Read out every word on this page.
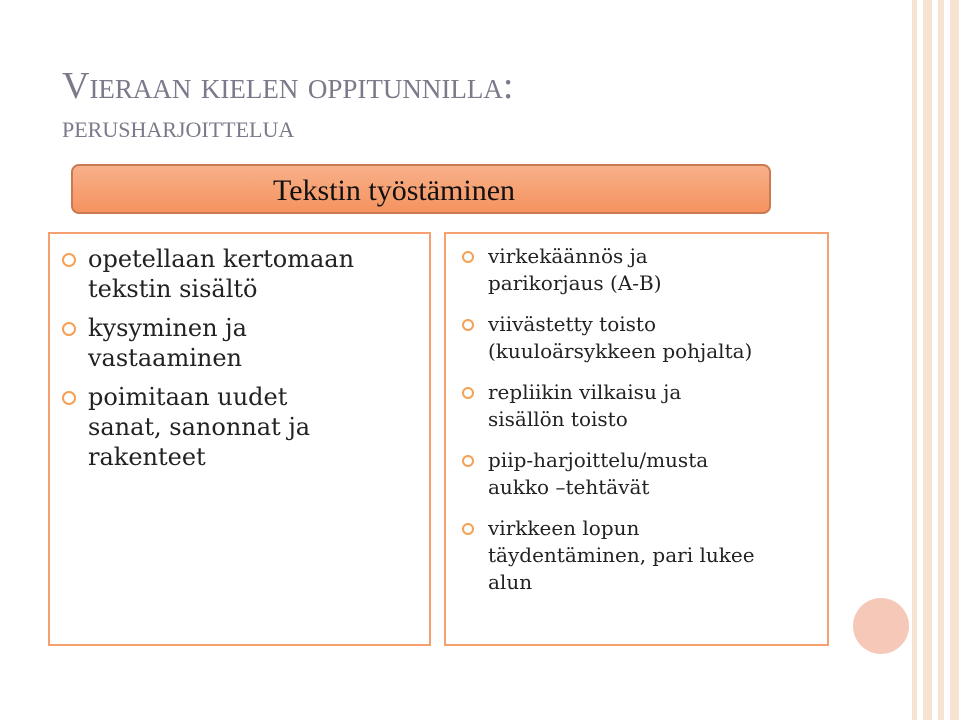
Vieraan kielen oppitunnilla:
perusharjoittelua
Tekstin työstäminen
opetellaan kertomaan
tekstin sisältö
kysyminen ja
vastaaminen
poimitaan uudet
sanat, sanonnat ja
rakenteet
virkekäännös ja
parikorjaus (A-B)
viivästetty toisto
(kuuloärsykkeen pohjalta)
repliikin vilkaisu ja
sisällön toisto
piip-harjoittelu/musta
aukko –tehtävät
virkkeen lopun
täydentäminen, pari lukee
alun
